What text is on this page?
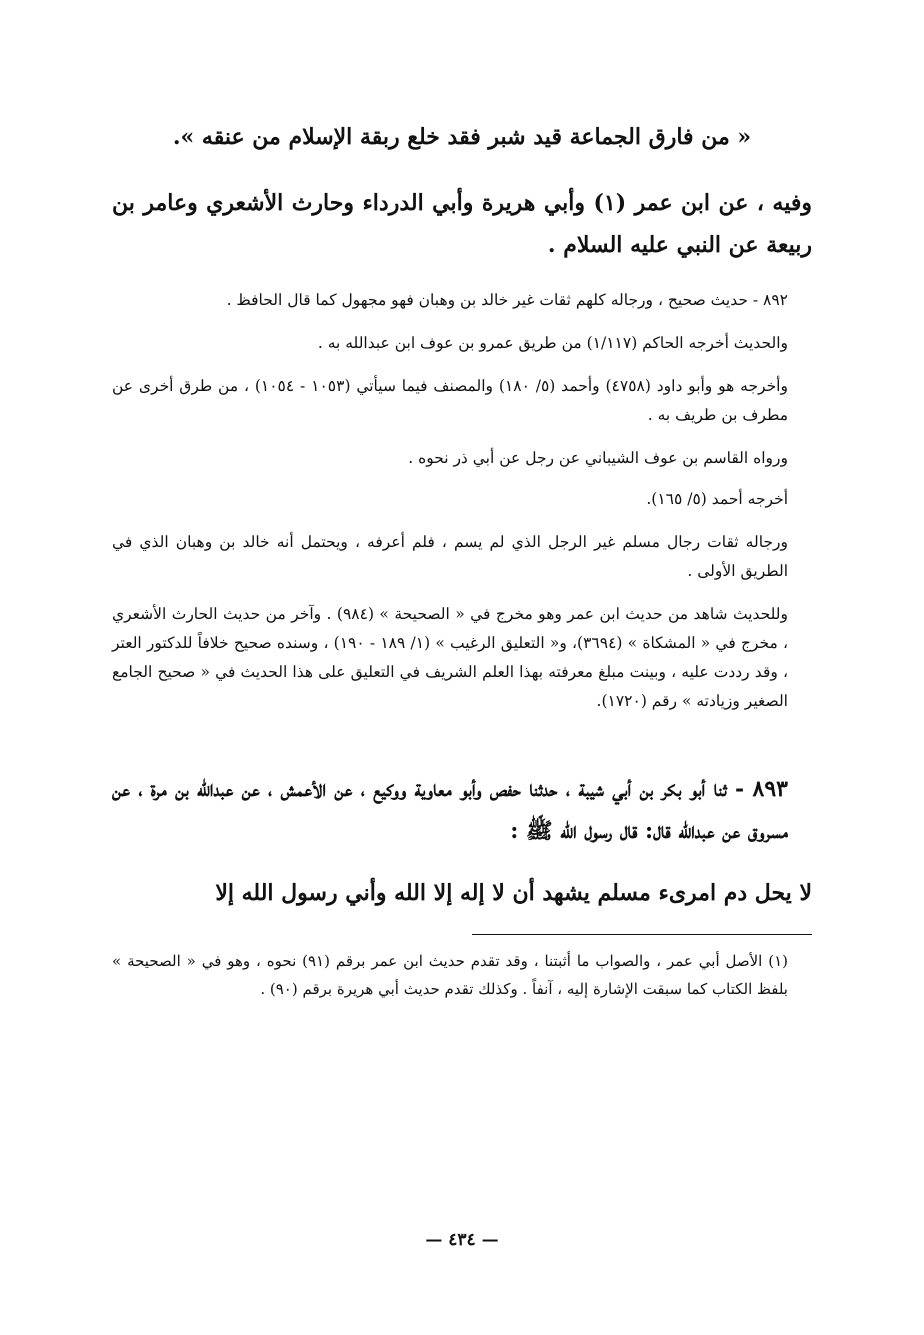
« من فارق الجماعة قيد شبر فقد خلع ربقة الإسلام من عنقه ».

وفيه ، عن ابن عمر (١) وأبي هريرة وأبي الدرداء وحارث الأشعري وعامر بن ربيعة عن النبي عليه السلام .

٨٩٢ - حديث صحيح ، ورجاله كلهم ثقات غير خالد بن وهبان فهو مجهول كما قال الحافظ .

والحديث أخرجه الحاكم (١/١١٧) من طريق عمرو بن عوف ابن عبدالله به .

وأخرجه هو وأبو داود (٤٧٥٨) وأحمد (٥/ ١٨٠) والمصنف فيما سيأتي (١٠٥٣ - ١٠٥٤) ، من طرق أخرى عن مطرف بن طريف به .

ورواه القاسم بن عوف الشيباني عن رجل عن أبي ذر نحوه .

أخرجه أحمد (٥/ ١٦٥).

ورجاله ثقات رجال مسلم غير الرجل الذي لم يسم ، فلم أعرفه ، ويحتمل أنه خالد بن وهبان الذي في الطريق الأولى .

وللحديث شاهد من حديث ابن عمر وهو مخرج في « الصحيحة » (٩٨٤) . وآخر من حديث الحارث الأشعري ، مخرج في « المشكاة » (٣٦٩٤)، و« التعليق الرغيب » (١/ ١٨٩ - ١٩٠) ، وسنده صحيح خلافاً للدكتور العتر ، وقد رددت عليه ، وبينت مبلغ معرفته بهذا العلم الشريف في التعليق على هذا الحديث في « صحيح الجامع الصغير وزيادته » رقم (١٧٢٠).

٨٩٣ - ثنا أبو بكر بن أبي شيبة ، حدثنا حفص وأبو معاوية ووكيع ، عن الأعمش ، عن عبدالله بن مرة ، عن مسروق عن عبدالله قال: قال رسول الله ﷺ :

لا يحل دم امرىء مسلم يشهد أن لا إله إلا الله وأني رسول الله إلا

(١) الأصل أبي عمر ، والصواب ما أثبتنا ، وقد تقدم حديث ابن عمر برقم (٩١) نحوه ، وهو في « الصحيحة » بلفظ الكتاب كما سبقت الإشارة إليه ، آنفاً . وكذلك تقدم حديث أبي هريرة برقم (٩٠) .

— ٤٣٤ —
